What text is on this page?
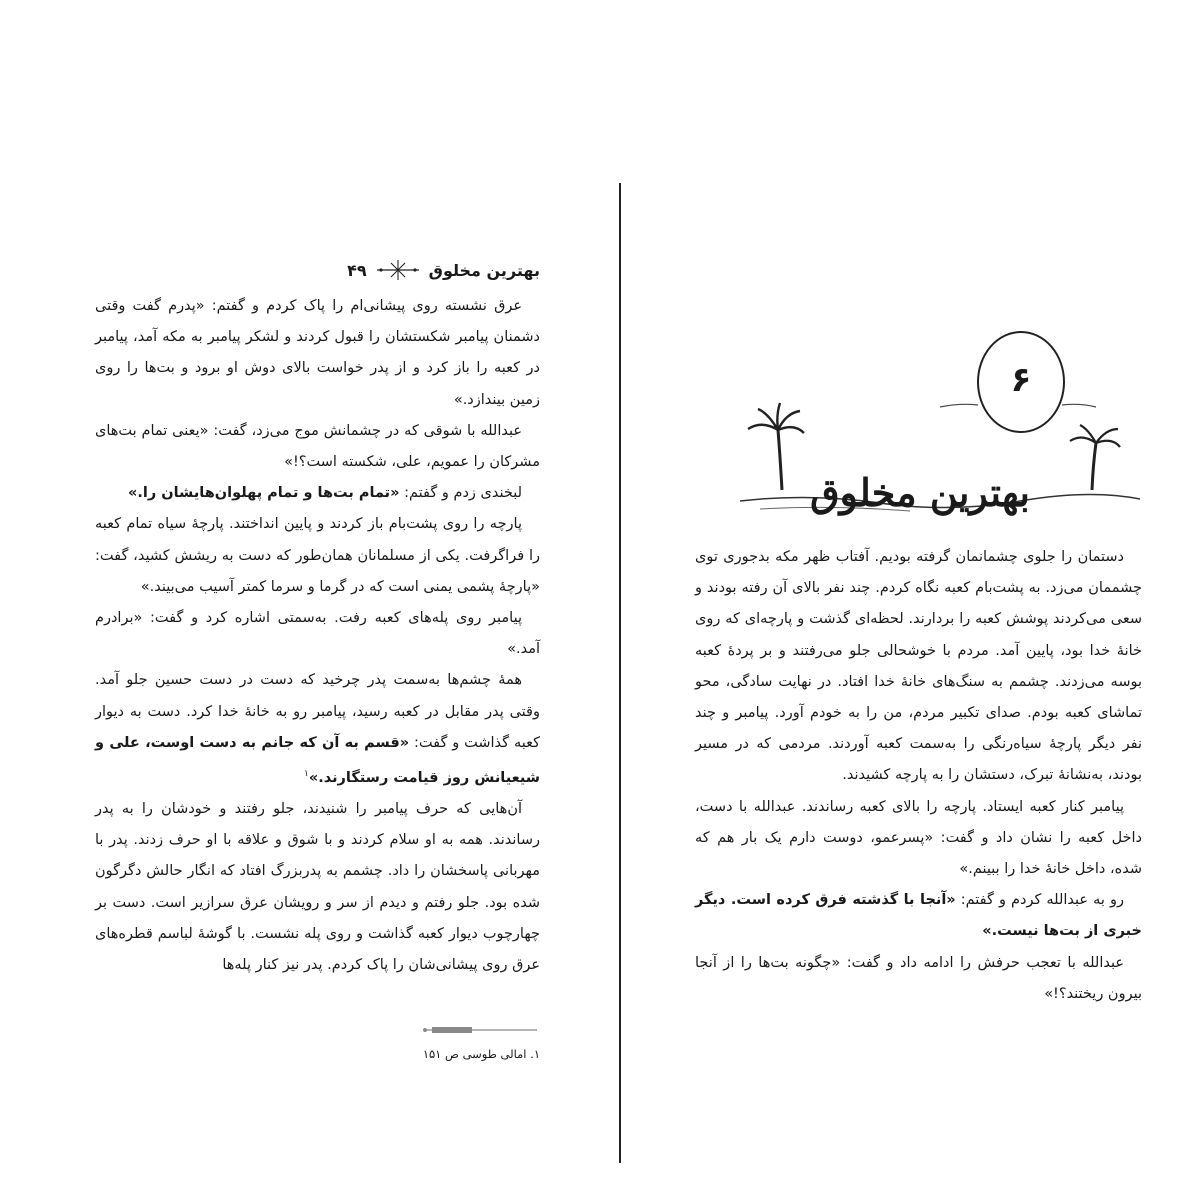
بهترین مخلوق
۴۹

عرق نشسته روی پیشانی‌ام را پاک کردم و گفتم: «پدرم گفت وقتی دشمنان پیامبر شکستشان را قبول کردند و لشکر پیامبر به مکه آمد، پیامبر در کعبه را باز کرد و از پدر خواست بالای دوش او برود و بت‌ها را روی زمین بیندازد.»

عبدالله با شوقی که در چشمانش موج می‌زد، گفت: «یعنی تمام بت‌های مشرکان را عمویم، علی، شکسته است؟!»

لبخندی زدم و گفتم: «تمام بت‌ها و تمام پهلوان‌هایشان را.»

پارچه را روی پشت‌بام باز کردند و پایین انداختند. پارچهٔ سیاه تمام کعبه را فراگرفت. یکی از مسلمانان همان‌طور که دست به ریشش کشید، گفت: «پارچهٔ پشمی یمنی است که در گرما و سرما کمتر آسیب می‌بیند.»

پیامبر روی پله‌های کعبه رفت. به‌سمتی اشاره کرد و گفت: «برادرم آمد.»

همهٔ چشم‌ها به‌سمت پدر چرخید که دست در دست حسین جلو آمد. وقتی پدر مقابل در کعبه رسید، پیامبر رو به خانهٔ خدا کرد. دست به دیوار کعبه گذاشت و گفت: «قسم به آن که جانم به دست اوست، علی و شیعیانش روز قیامت رستگارند.»$^۱$

آن‌هایی که حرف پیامبر را شنیدند، جلو رفتند و خودشان را به پدر رساندند. همه به او سلام کردند و با شوق و علاقه با او حرف زدند. پدر با مهربانی پاسخشان را داد. چشمم به پدربزرگ افتاد که انگار حالش دگرگون شده بود. جلو رفتم و دیدم از سر و رویشان عرق سرازیر است. دست بر چهارچوب دیوار کعبه گذاشت و روی پله نشست. با گوشهٔ لباسم قطره‌های عرق روی پیشانی‌شان را پاک کردم. پدر نیز کنار پله‌ها

۱. امالی طوسی ص ۱۵۱
۶
بهترین مخلوق

دستمان را جلوی چشمانمان گرفته بودیم. آفتاب ظهر مکه بدجوری توی چشممان می‌زد. به پشت‌بام کعبه نگاه کردم. چند نفر بالای آن رفته بودند و سعی می‌کردند پوشش کعبه را بردارند. لحظه‌ای گذشت و پارچه‌ای که روی خانهٔ خدا بود، پایین آمد. مردم با خوشحالی جلو می‌رفتند و بر پردهٔ کعبه بوسه می‌زدند. چشمم به سنگ‌های خانهٔ خدا افتاد. در نهایت سادگی، محو تماشای کعبه بودم. صدای تکبیر مردم، من را به خودم آورد. پیامبر و چند نفر دیگر پارچهٔ سیاه‌رنگی را به‌سمت کعبه آوردند. مردمی که در مسیر بودند، به‌نشانهٔ تبرک، دستشان را به پارچه کشیدند.

پیامبر کنار کعبه ایستاد. پارچه را بالای کعبه رساندند. عبدالله با دست، داخل کعبه را نشان داد و گفت: «پسرعمو، دوست دارم یک بار هم که شده، داخل خانهٔ خدا را ببینم.»

رو به عبدالله کردم و گفتم: «آنجا با گذشته فرق کرده است. دیگر خبری از بت‌ها نیست.»

عبدالله با تعجب حرفش را ادامه داد و گفت: «چگونه بت‌ها را از آنجا بیرون ریختند؟!»
